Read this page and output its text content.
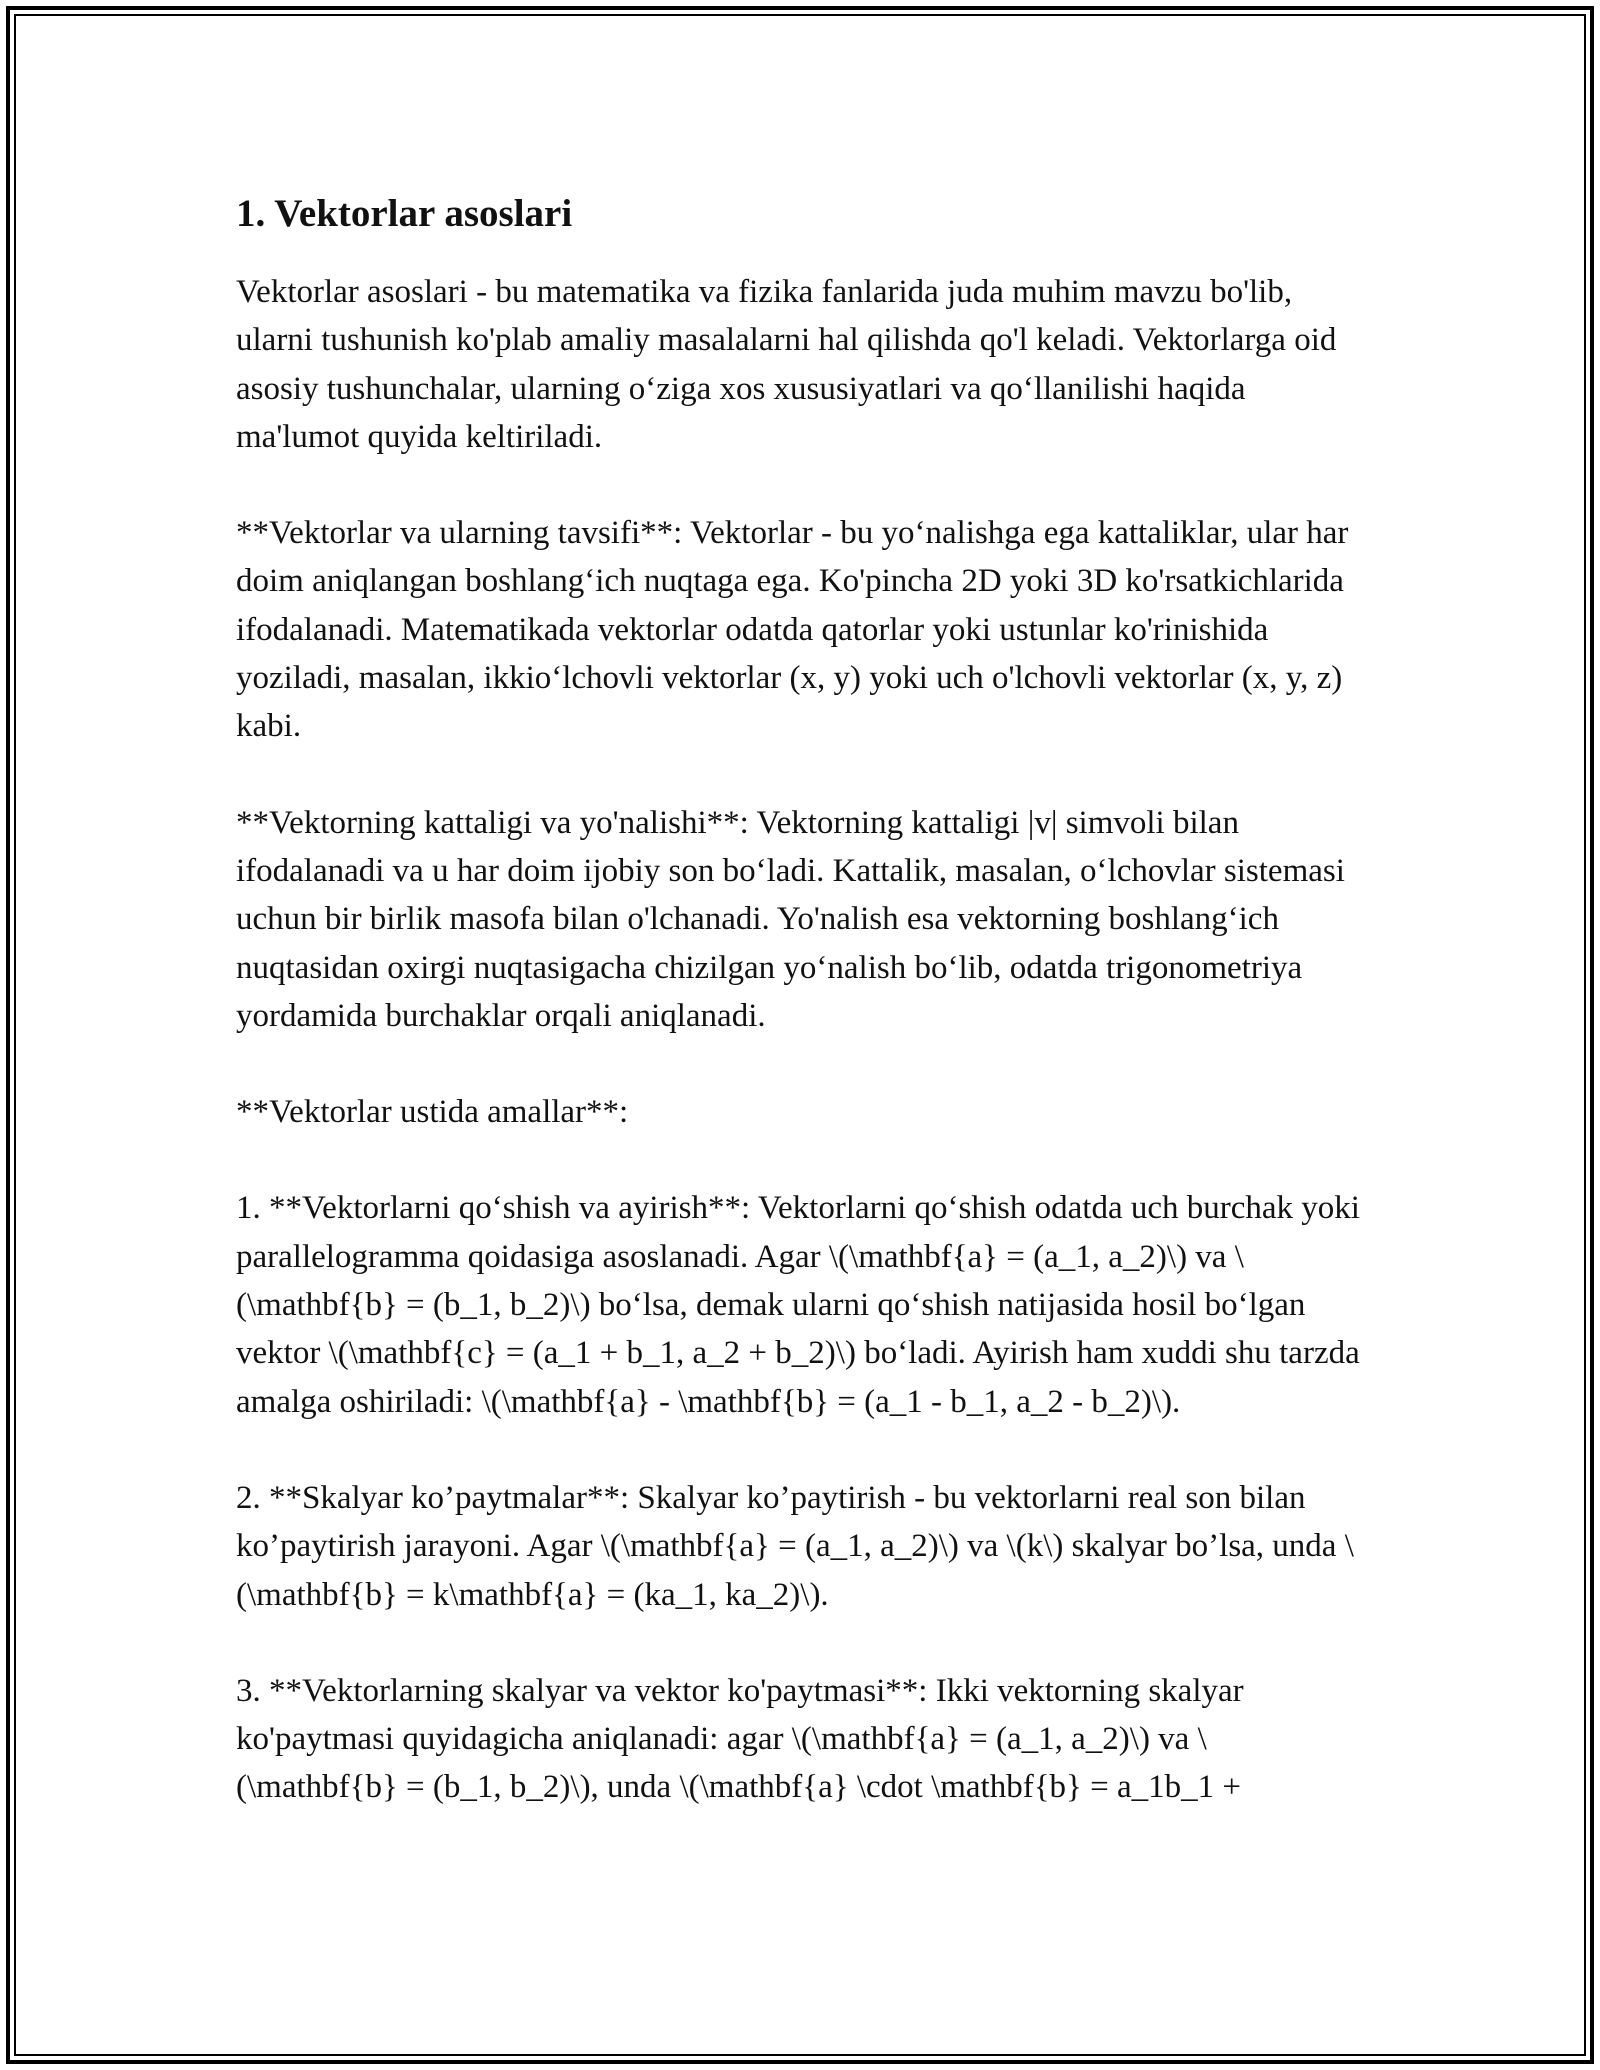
1. Vektorlar asoslari

Vektorlar asoslari - bu matematika va fizika fanlarida juda muhim mavzu bo'lib, ularni tushunish ko'plab amaliy masalalarni hal qilishda qo'l keladi. Vektorlarga oid asosiy tushunchalar, ularning o‘ziga xos xususiyatlari va qo‘llanilishi haqida ma'lumot quyida keltiriladi.

**Vektorlar va ularning tavsifi**: Vektorlar - bu yo‘nalishga ega kattaliklar, ular har doim aniqlangan boshlang‘ich nuqtaga ega. Ko'pincha 2D yoki 3D ko'rsatkichlarida ifodalanadi. Matematikada vektorlar odatda qatorlar yoki ustunlar ko'rinishida yoziladi, masalan, ikkio‘lchovli vektorlar (x, y) yoki uch o'lchovli vektorlar (x, y, z) kabi.

**Vektorning kattaligi va yo'nalishi**: Vektorning kattaligi |v| simvoli bilan ifodalanadi va u har doim ijobiy son bo‘ladi. Kattalik, masalan, o‘lchovlar sistemasi uchun bir birlik masofa bilan o'lchanadi. Yo'nalish esa vektorning boshlang‘ich nuqtasidan oxirgi nuqtasigacha chizilgan yo‘nalish bo‘lib, odatda trigonometriya yordamida burchaklar orqali aniqlanadi.

**Vektorlar ustida amallar**:

1. **Vektorlarni qo‘shish va ayirish**: Vektorlarni qo‘shish odatda uch burchak yoki parallelogramma qoidasiga asoslanadi. Agar \(\mathbf{a} = (a_1, a_2)\) va \(\mathbf{b} = (b_1, b_2)\) bo‘lsa, demak ularni qo‘shish natijasida hosil bo‘lgan vektor \(\mathbf{c} = (a_1 + b_1, a_2 + b_2)\) bo‘ladi. Ayirish ham xuddi shu tarzda amalga oshiriladi: \(\mathbf{a} - \mathbf{b} = (a_1 - b_1, a_2 - b_2)\).

2. **Skalyar ko’paytmalar**: Skalyar ko’paytirish - bu vektorlarni real son bilan ko’paytirish jarayoni. Agar \(\mathbf{a} = (a_1, a_2)\) va \(k\) skalyar bo’lsa, unda \(\mathbf{b} = k\mathbf{a} = (ka_1, ka_2)\).

3. **Vektorlarning skalyar va vektor ko'paytmasi**: Ikki vektorning skalyar ko'paytmasi quyidagicha aniqlanadi: agar \(\mathbf{a} = (a_1, a_2)\) va \(\mathbf{b} = (b_1, b_2)\), unda \(\mathbf{a} \cdot \mathbf{b} = a_1b_1 +
